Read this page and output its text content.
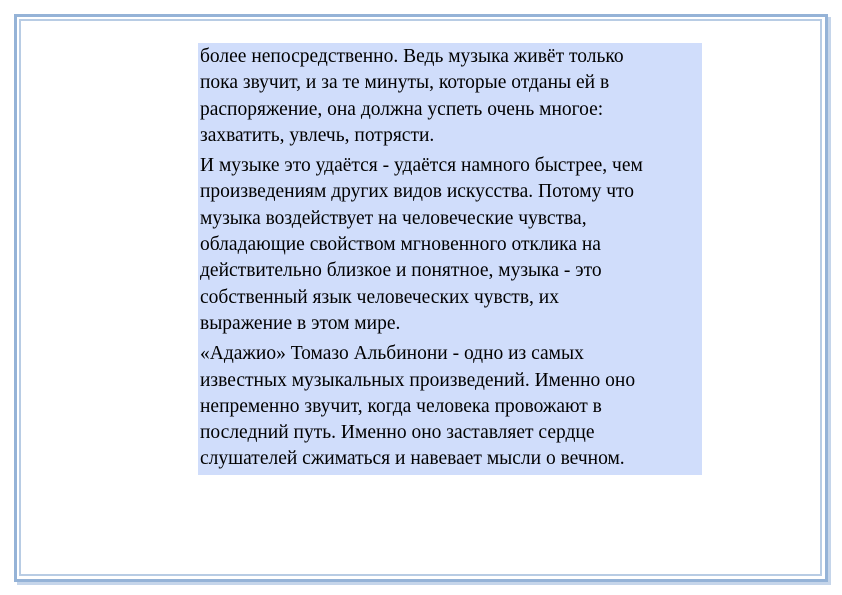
более непосредственно. Ведь музыка живёт только
пока звучит, и за те минуты, которые отданы ей в
распоряжение, она должна успеть очень многое:
захватить, увлечь, потрясти.

И музыке это удаётся - удаётся намного быстрее, чем
произведениям других видов искусства. Потому что
музыка воздействует на человеческие чувства,
обладающие свойством мгновенного отклика на
действительно близкое и понятное, музыка - это
собственный язык человеческих чувств, их
выражение в этом мире.

«Адажио» Томазо Альбинони - одно из самых
известных музыкальных произведений. Именно оно
непременно звучит, когда человека провожают в
последний путь. Именно оно заставляет сердце
слушателей сжиматься и навевает мысли о вечном.
